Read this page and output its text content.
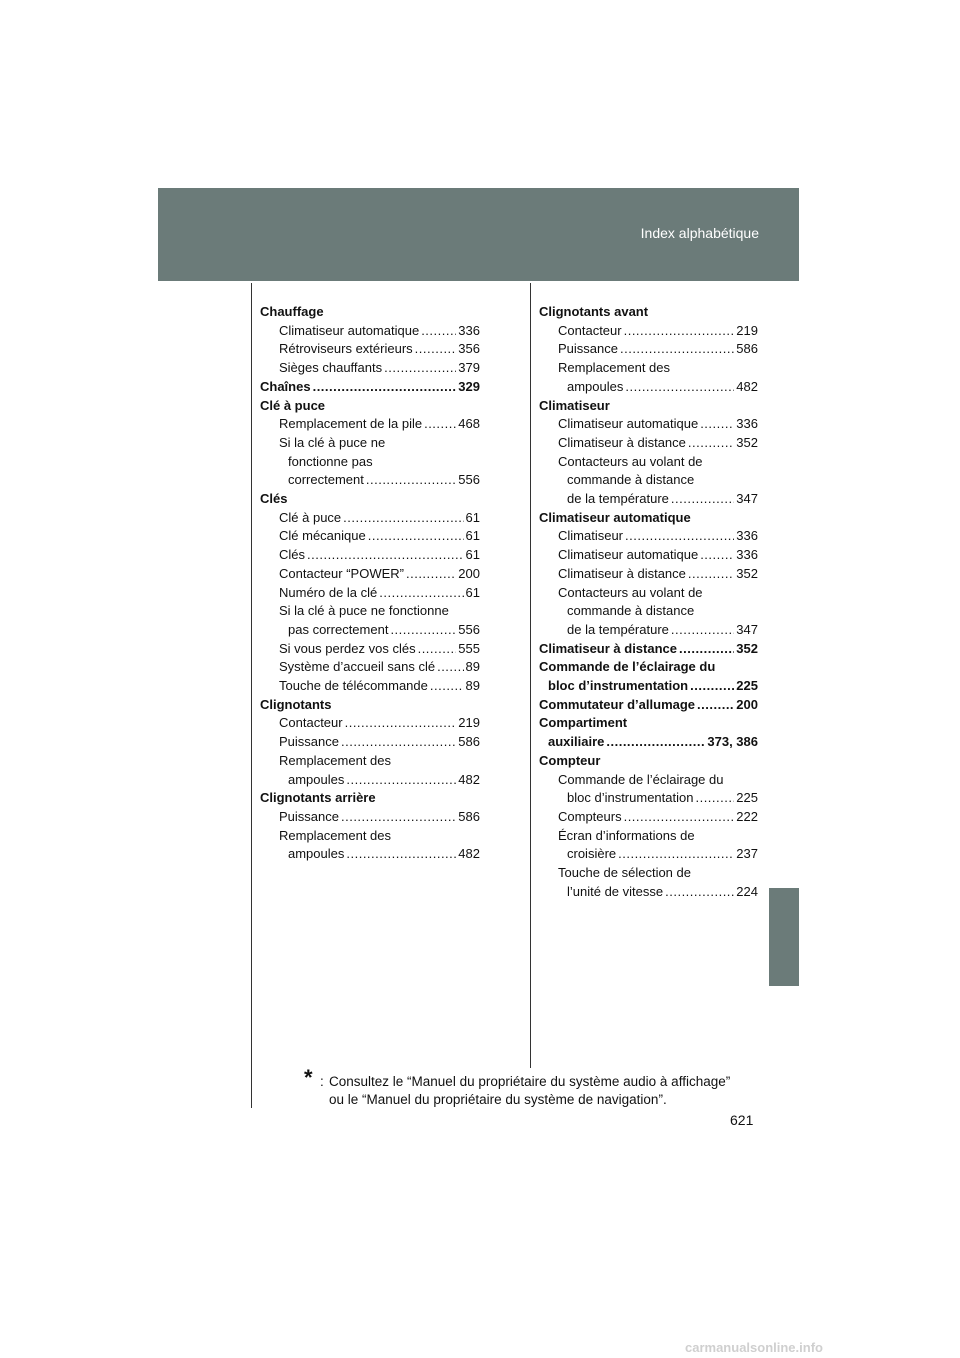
Index alphabétique
Chauffage
Climatiseur automatique .....	336
Rétroviseurs extérieurs .....	356
Sièges chauffants .....	379
Chaînes .....	329
Clé à puce
Remplacement de la pile .....	468
Si la clé à puce ne
fonctionne pas
correctement .....	556
Clés
Clé à puce .....	61
Clé mécanique .....	61
Clés .....	61
Contacteur “POWER” .....	200
Numéro de la clé .....	61
Si la clé à puce ne fonctionne
pas correctement .....	556
Si vous perdez vos clés .....	555
Système d’accueil sans clé ..... 89
Touche de télécommande .....	89
Clignotants
Contacteur .....	219
Puissance .....	586
Remplacement des
ampoules .....	482
Clignotants arrière
Puissance .....	586
Remplacement des
ampoules .....	482
Clignotants avant
Contacteur .....	219
Puissance .....	586
Remplacement des
ampoules .....	482
Climatiseur
Climatiseur automatique .....	336
Climatiseur à distance .....	352
Contacteurs au volant de
commande à distance
de la température .....	347
Climatiseur automatique
Climatiseur .....	336
Climatiseur automatique .....	336
Climatiseur à distance .....	352
Contacteurs au volant de
commande à distance
de la température .....	347
Climatiseur à distance .....	352
Commande de l’éclairage du
bloc d’instrumentation .....	225
Commutateur d’allumage .....	200
Compartiment
auxiliaire .....	373, 386
Compteur
Commande de l’éclairage du
bloc d’instrumentation .....	225
Compteurs .....	222
Écran d’informations de
croisière .....	237
Touche de sélection de
l’unité de vitesse .....	224
* : Consultez le “Manuel du propriétaire du système audio à affichage”
ou le “Manuel du propriétaire du système de navigation”.
621
carmanualsonline.info
